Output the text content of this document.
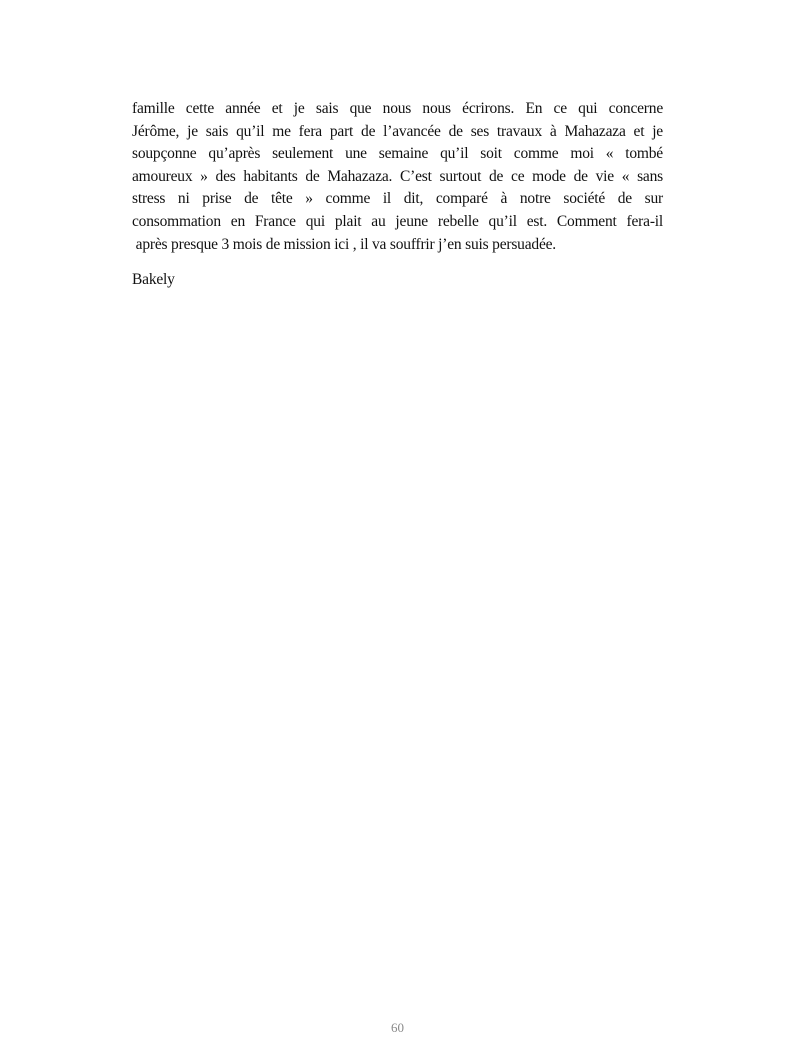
famille cette année et je sais que nous nous écrirons. En ce qui concerne
Jérôme, je sais qu’il me fera part de l’avancée de ses travaux à Mahazaza et je
soupçonne qu’après seulement une semaine qu’il soit comme moi « tombé
amoureux » des habitants de Mahazaza. C’est surtout de ce mode de vie « sans
stress ni prise de tête » comme il dit, comparé à notre société de sur
consommation en France qui plait au jeune rebelle qu’il est. Comment fera-il
après presque 3 mois de mission ici , il va souffrir j’en suis persuadée.
Bakely
60
